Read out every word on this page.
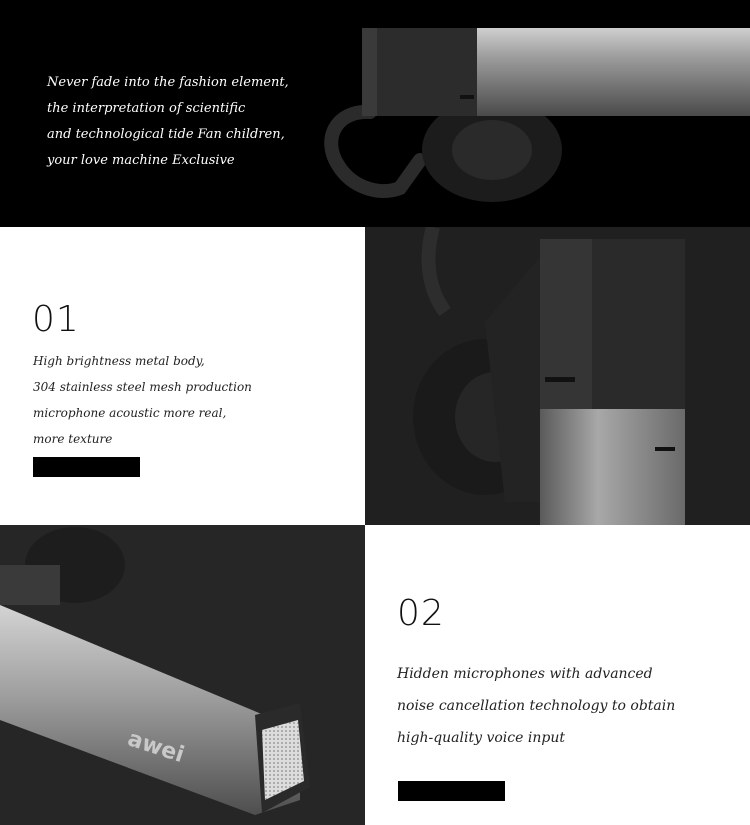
Never fade into the fashion element,
the interpretation of scientific
and technological tide Fan children,
your love machine Exclusive
01
High brightness metal body,
304 stainless steel mesh production
microphone acoustic more real,
more texture
awei
02
Hidden microphones with advanced
noise cancellation technology to obtain
high-quality voice input
